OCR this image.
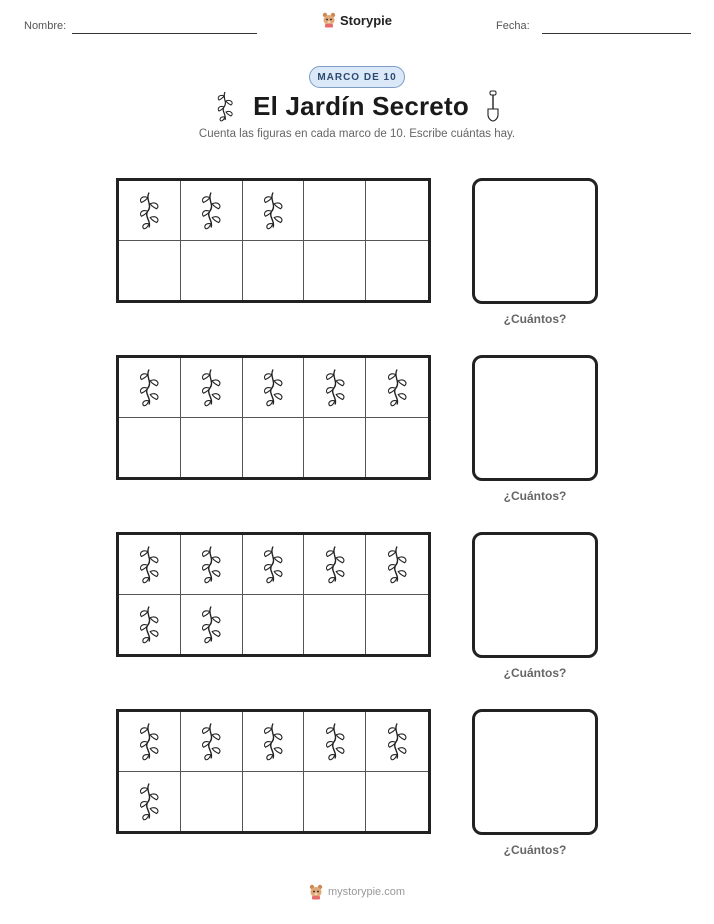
Nombre:	Storypie	Fecha:
MARCO DE 10
El Jardín Secreto
Cuenta las figuras en cada marco de 10. Escribe cuántas hay.
¿Cuántos?
¿Cuántos?
¿Cuántos?
¿Cuántos?
mystorypie.com
